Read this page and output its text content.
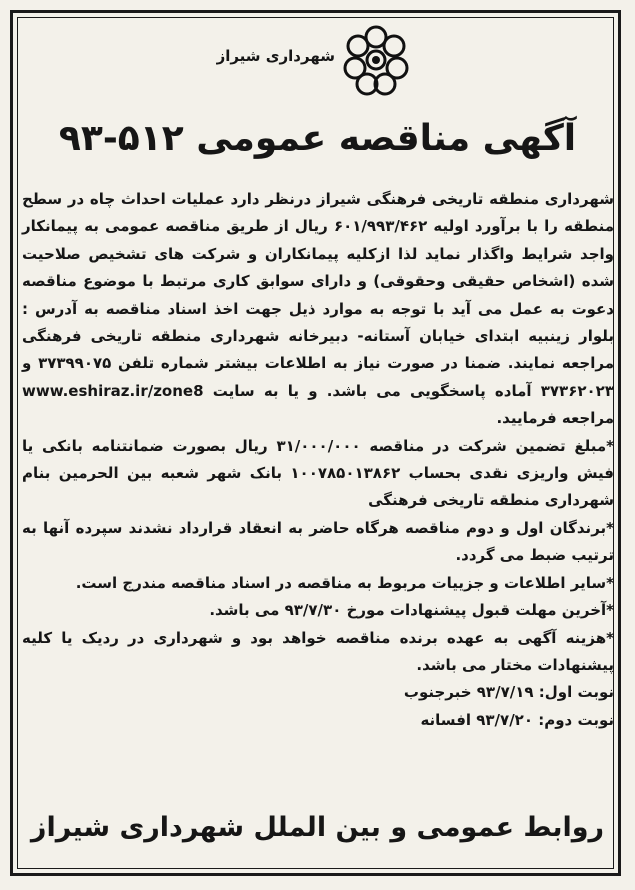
شهرداری شیراز
آگهی مناقصه عمومی ۵۱۲-۹۳

شهرداری منطقه تاریخی فرهنگی شیراز درنظر دارد عملیات احداث چاه در سطح منطقه را با برآورد اولیه ۶۰۱/۹۹۳/۴۶۲ ریال از طریق مناقصه عمومی به پیمانکار واجد شرایط واگذار نماید لذا ازکلیه پیمانکاران و شرکت های تشخیص صلاحیت شده (اشخاص حقیقی وحقوقی) و دارای سوابق کاری مرتبط با موضوع مناقصه دعوت به عمل می آید با توجه به موارد ذیل جهت اخذ اسناد مناقصه به آدرس : بلوار زینبیه ابتدای خیابان آستانه- دبیرخانه شهرداری منطقه تاریخی فرهنگی مراجعه نمایند. ضمنا در صورت نیاز به اطلاعات بیشتر شماره تلفن ۳۷۳۹۹۰۷۵ و ۳۷۳۶۲۰۲۳ آماده پاسخگویی می باشد. و یا به سایت www.eshiraz.ir/zone8 مراجعه فرمایید.

*مبلغ تضمین شرکت در مناقصه ۳۱/۰۰۰/۰۰۰ ریال بصورت ضمانتنامه بانکی یا فیش واریزی نقدی بحساب ۱۰۰۷۸۵۰۱۳۸۶۲ بانک شهر شعبه بین الحرمین بنام شهرداری منطقه تاریخی فرهنگی

*برندگان اول و دوم مناقصه هرگاه حاضر به انعقاد قرارداد نشدند سپرده آنها به ترتیب ضبط می گردد.

*سایر اطلاعات و جزییات مربوط به مناقصه در اسناد مناقصه مندرج است.

*آخرین مهلت قبول پیشنهادات مورخ ۹۳/۷/۳۰ می باشد.

*هزینه آگهی به عهده برنده مناقصه خواهد بود و شهرداری در ردیک یا کلیه پیشنهادات مختار می باشد.

نوبت اول: ۹۳/۷/۱۹ خبرجنوب

نوبت دوم: ۹۳/۷/۲۰ افسانه

روابط عمومی و بین الملل شهرداری شیراز
